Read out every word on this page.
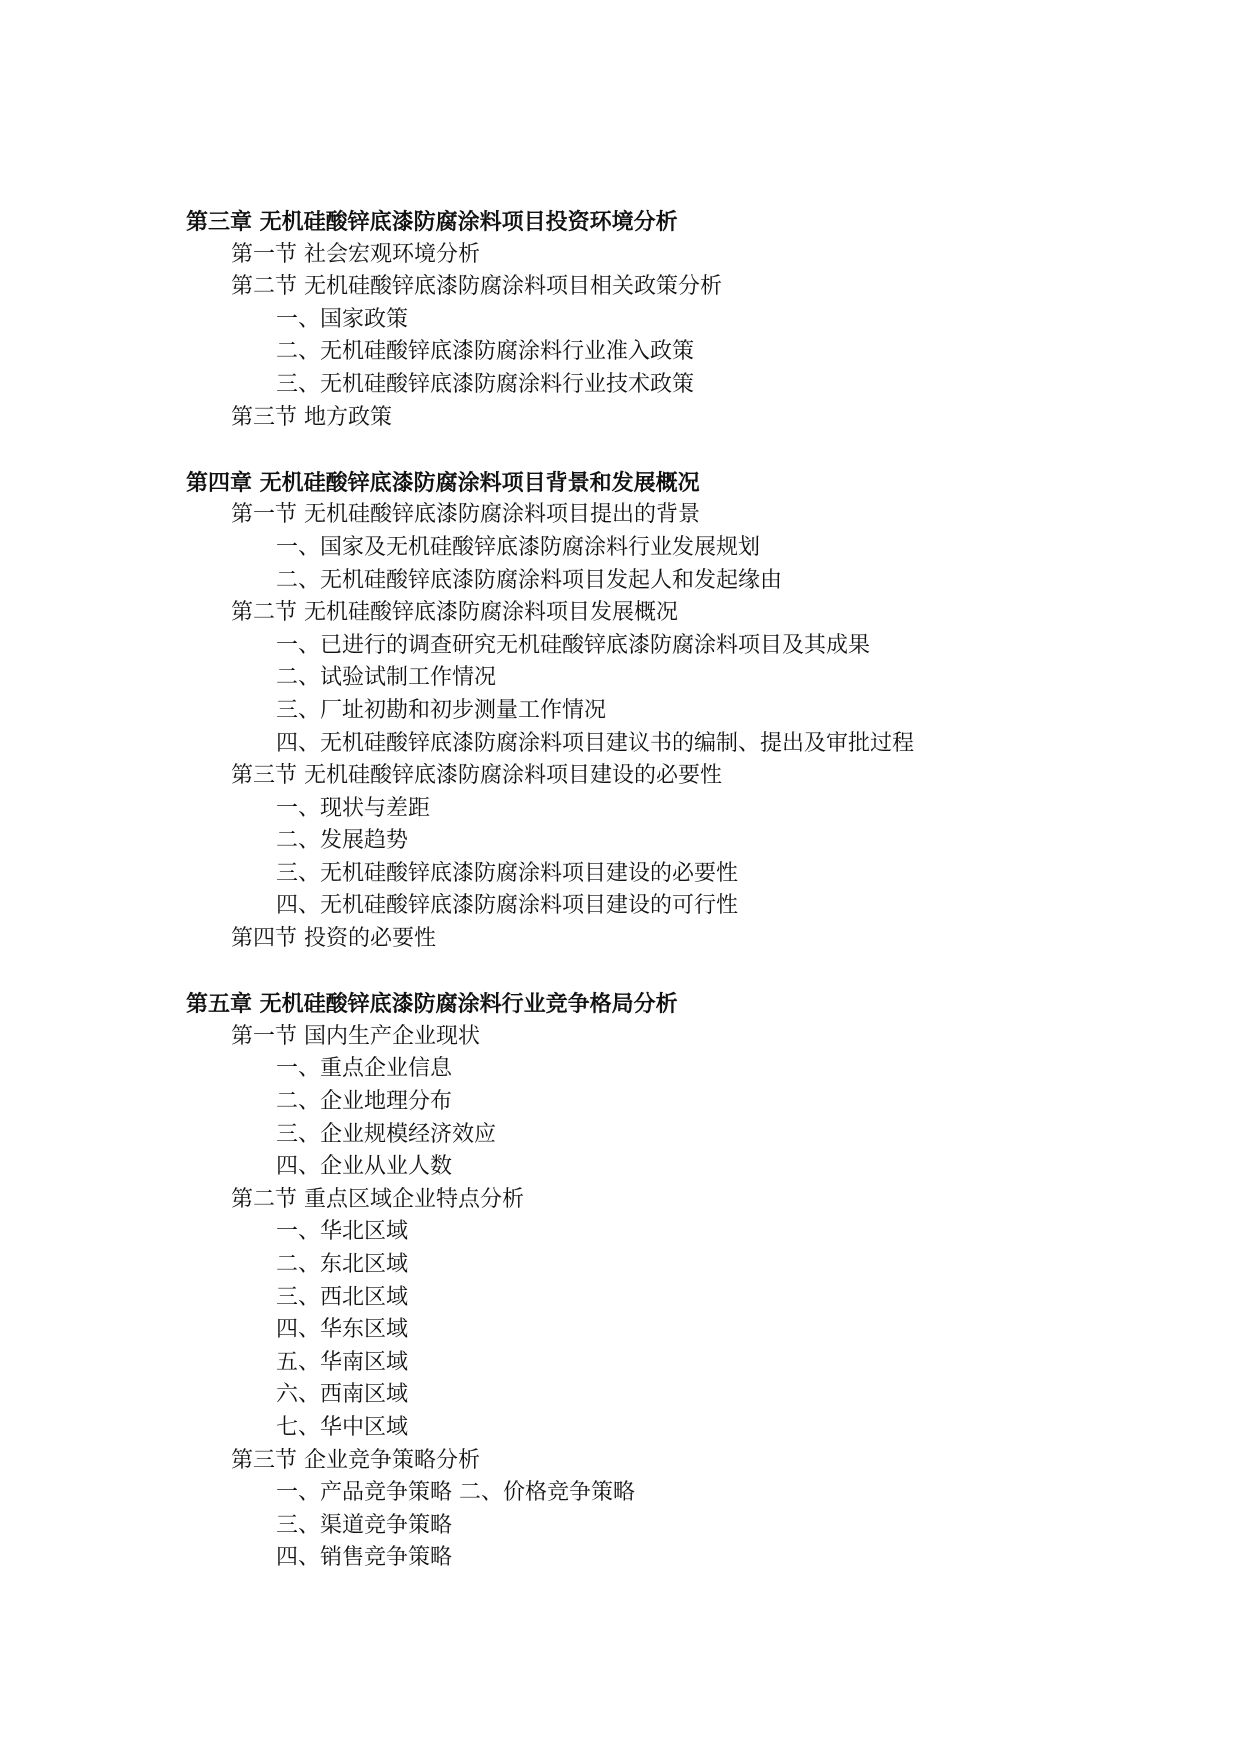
第三章 无机硅酸锌底漆防腐涂料项目投资环境分析
第一节 社会宏观环境分析
第二节 无机硅酸锌底漆防腐涂料项目相关政策分析
一、国家政策
二、无机硅酸锌底漆防腐涂料行业准入政策
三、无机硅酸锌底漆防腐涂料行业技术政策
第三节 地方政策
第四章 无机硅酸锌底漆防腐涂料项目背景和发展概况
第一节 无机硅酸锌底漆防腐涂料项目提出的背景
一、国家及无机硅酸锌底漆防腐涂料行业发展规划
二、无机硅酸锌底漆防腐涂料项目发起人和发起缘由
第二节 无机硅酸锌底漆防腐涂料项目发展概况
一、已进行的调查研究无机硅酸锌底漆防腐涂料项目及其成果
二、试验试制工作情况
三、厂址初勘和初步测量工作情况
四、无机硅酸锌底漆防腐涂料项目建议书的编制、提出及审批过程
第三节 无机硅酸锌底漆防腐涂料项目建设的必要性
一、现状与差距
二、发展趋势
三、无机硅酸锌底漆防腐涂料项目建设的必要性
四、无机硅酸锌底漆防腐涂料项目建设的可行性
第四节 投资的必要性
第五章 无机硅酸锌底漆防腐涂料行业竞争格局分析
第一节 国内生产企业现状
一、重点企业信息
二、企业地理分布
三、企业规模经济效应
四、企业从业人数
第二节 重点区域企业特点分析
一、华北区域
二、东北区域
三、西北区域
四、华东区域
五、华南区域
六、西南区域
七、华中区域
第三节 企业竞争策略分析
一、产品竞争策略 二、价格竞争策略
三、渠道竞争策略
四、销售竞争策略
